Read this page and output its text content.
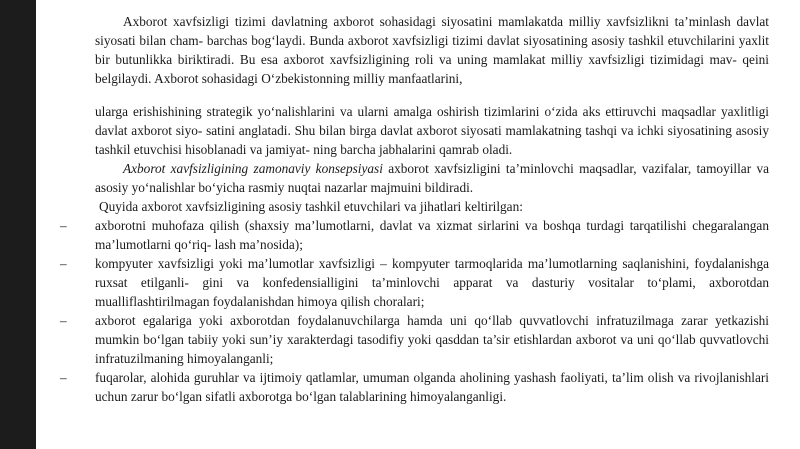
Axborot xavfsizligi tizimi davlatning axborot sohasidagi siyosatini mamlakatda milliy xavfsizlikni ta’minlash davlat siyosati bilan cham- barchas bog‘laydi. Bunda axborot xavfsizligi tizimi davlat siyosatining asosiy tashkil etuvchilarini yaxlit bir butunlikka biriktiradi. Bu esa axborot xavfsizligining roli va uning mamlakat milliy xavfsizligi tizimidagi mav- qeini belgilaydi. Axborot sohasidagi O‘zbekistonning milliy manfaatlarini,

ularga erishishining strategik yo‘nalishlarini va ularni amalga oshirish tizimlarini o‘zida aks ettiruvchi maqsadlar yaxlitligi davlat axborot siyo- satini anglatadi. Shu bilan birga davlat axborot siyosati mamlakatning tashqi va ichki siyosatining asosiy tashkil etuvchisi hisoblanadi va jamiyat- ning barcha jabhalarini qamrab oladi.

Axborot xavfsizligining zamonaviy konsepsiyasi axborot xavfsizligini ta’minlovchi maqsadlar, vazifalar, tamoyillar va asosiy yo‘nalishlar bo‘yicha rasmiy nuqtai nazarlar majmuini bildiradi.

Quyida axborot xavfsizligining asosiy tashkil etuvchilari va jihatlari keltirilgan:

– axborotni muhofaza qilish (shaxsiy ma’lumotlarni, davlat va xizmat sirlarini va boshqa turdagi tarqatilishi chegaralangan ma’lumotlarni qo‘riq- lash ma’nosida);
– kompyuter xavfsizligi yoki ma’lumotlar xavfsizligi – kompyuter tarmoqlarida ma’lumotlarning saqlanishini, foydalanishga ruxsat etilganli- gini va konfedensialligini ta’minlovchi apparat va dasturiy vositalar to‘plami, axborotdan mualliflashtirilmagan foydalanishdan himoya qilish choralari;
– axborot egalariga yoki axborotdan foydalanuvchilarga hamda uni qo‘llab quvvatlovchi infratuzilmaga zarar yetkazishi mumkin bo‘lgan tabiiy yoki sun’iy xarakterdagi tasodifiy yoki qasddan ta’sir etishlardan axborot va uni qo‘llab quvvatlovchi infratuzilmaning himoyalanganli;
– fuqarolar, alohida guruhlar va ijtimoiy qatlamlar, umuman olganda aholining yashash faoliyati, ta’lim olish va rivojlanishlari uchun zarur bo‘lgan sifatli axborotga bo‘lgan talablarining himoyalanganligi.
